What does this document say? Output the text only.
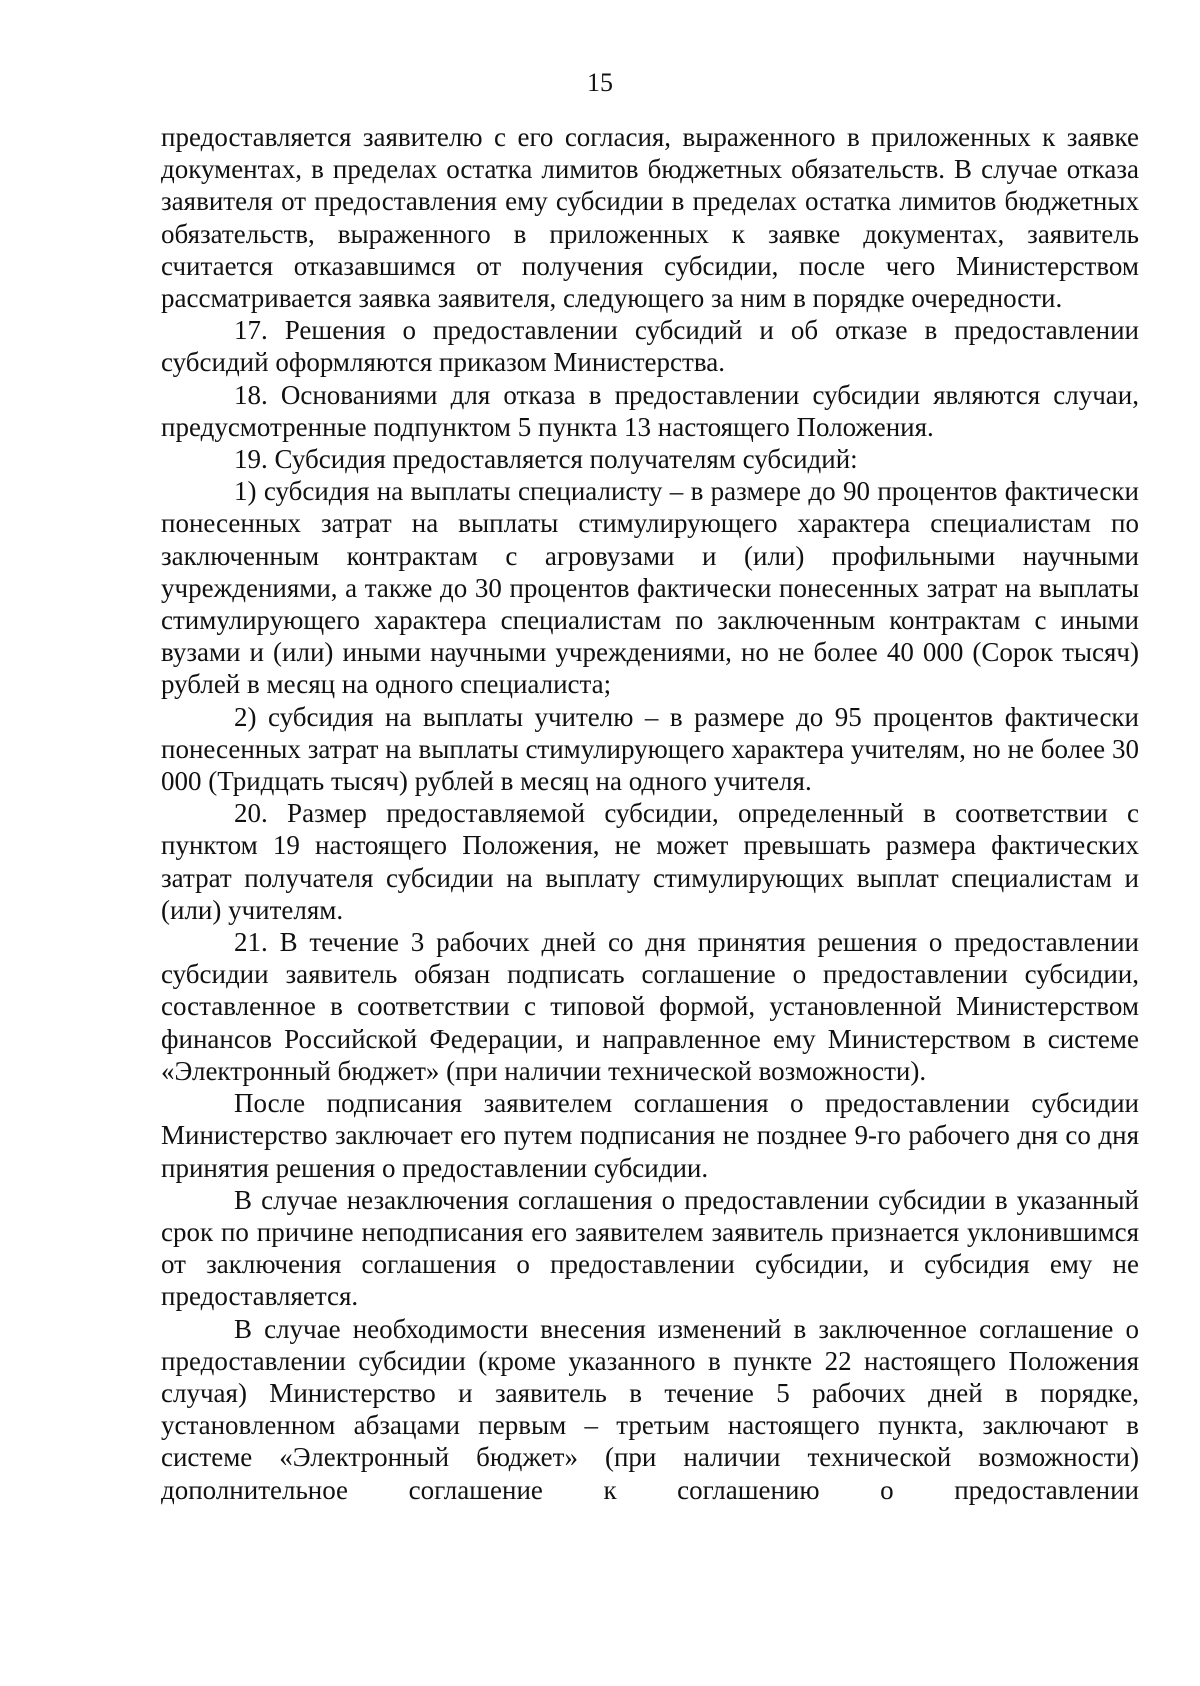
15

предоставляется заявителю с его согласия, выраженного в приложенных к заявке документах, в пределах остатка лимитов бюджетных обязательств. В случае отказа заявителя от предоставления ему субсидии в пределах остатка лимитов бюджетных обязательств, выраженного в приложенных к заявке документах, заявитель считается отказавшимся от получения субсидии, после чего Министерством рассматривается заявка заявителя, следующего за ним в порядке очередности.

17. Решения о предоставлении субсидий и об отказе в предоставлении субсидий оформляются приказом Министерства.

18. Основаниями для отказа в предоставлении субсидии являются случаи, предусмотренные подпунктом 5 пункта 13 настоящего Положения.

19. Субсидия предоставляется получателям субсидий:

1) субсидия на выплаты специалисту – в размере до 90 процентов фактически понесенных затрат на выплаты стимулирующего характера специалистам по заключенным контрактам с агровузами и (или) профильными научными учреждениями, а также до 30 процентов фактически понесенных затрат на выплаты стимулирующего характера специалистам по заключенным контрактам с иными вузами и (или) иными научными учреждениями, но не более 40 000 (Сорок тысяч) рублей в месяц на одного специалиста;

2) субсидия на выплаты учителю – в размере до 95 процентов фактически понесенных затрат на выплаты стимулирующего характера учителям, но не более 30 000 (Тридцать тысяч) рублей в месяц на одного учителя.

20. Размер предоставляемой субсидии, определенный в соответствии с пунктом 19 настоящего Положения, не может превышать размера фактических затрат получателя субсидии на выплату стимулирующих выплат специалистам и (или) учителям.

21. В течение 3 рабочих дней со дня принятия решения о предоставлении субсидии заявитель обязан подписать соглашение о предоставлении субсидии, составленное в соответствии с типовой формой, установленной Министерством финансов Российской Федерации, и направленное ему Министерством в системе «Электронный бюджет» (при наличии технической возможности).

После подписания заявителем соглашения о предоставлении субсидии Министерство заключает его путем подписания не позднее 9-го рабочего дня со дня принятия решения о предоставлении субсидии.

В случае незаключения соглашения о предоставлении субсидии в указанный срок по причине неподписания его заявителем заявитель признается уклонившимся от заключения соглашения о предоставлении субсидии, и субсидия ему не предоставляется.

В случае необходимости внесения изменений в заключенное соглашение о предоставлении субсидии (кроме указанного в пункте 22 настоящего Положения случая) Министерство и заявитель в течение 5 рабочих дней в порядке, установленном абзацами первым – третьим настоящего пункта, заключают в системе «Электронный бюджет» (при наличии технической возможности) дополнительное соглашение к соглашению о предоставлении
